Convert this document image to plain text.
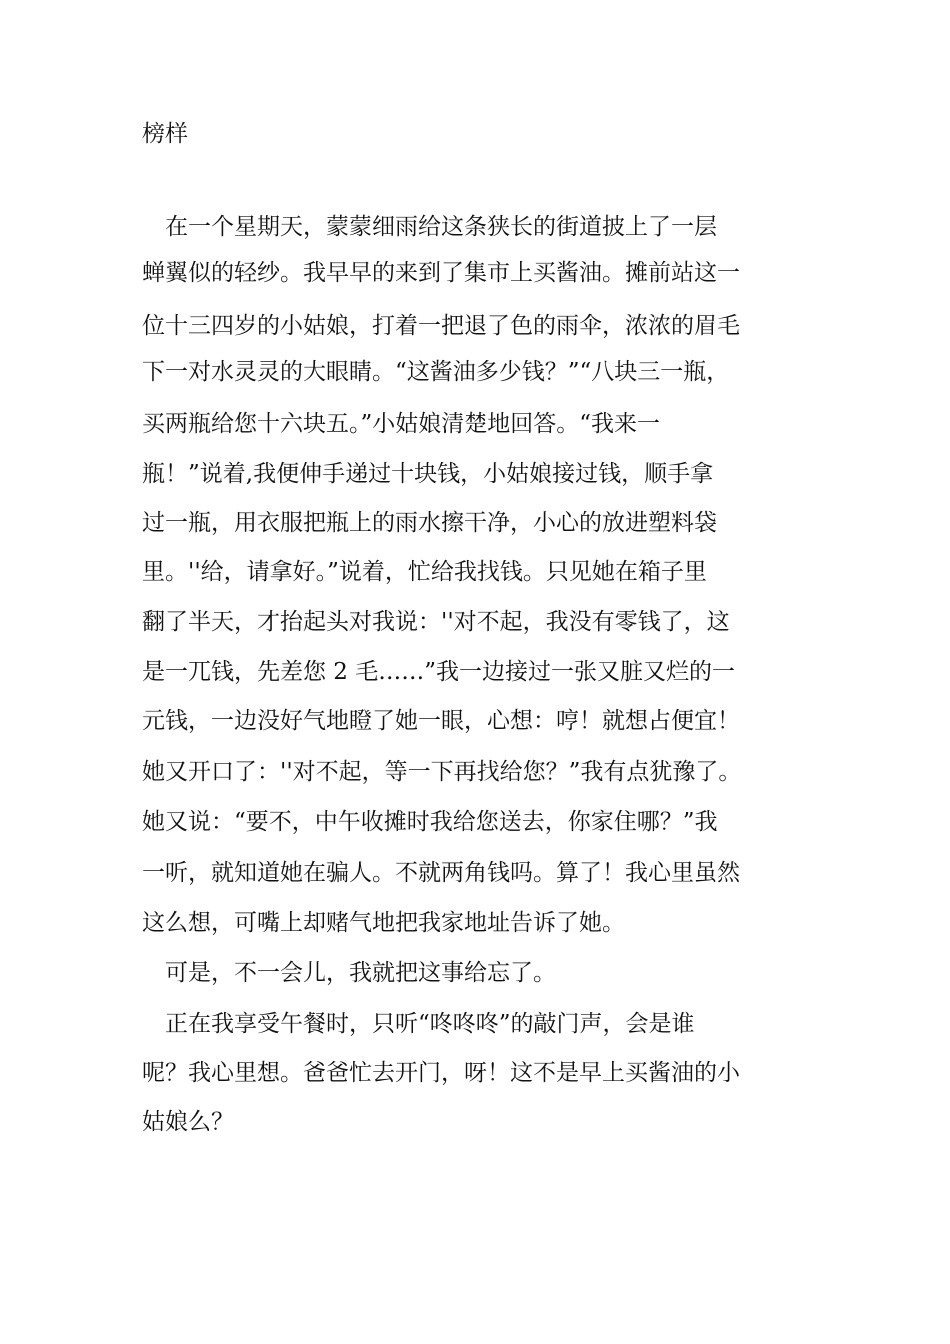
榜样

　在一个星期天，蒙蒙细雨给这条狭长的街道披上了一层

蝉翼似的轻纱。我早早的来到了集市上买酱油。摊前站这一

位十三四岁的小姑娘，打着一把退了色的雨伞，浓浓的眉毛

下一对水灵灵的大眼睛。“这酱油多少钱？”“八块三一瓶，

买两瓶给您十六块五。”小姑娘清楚地回答。“我来一

瓶！”说着,我便伸手递过十块钱，小姑娘接过钱，顺手拿

过一瓶，用衣服把瓶上的雨水擦干净，小心的放进塑料袋

里。''给，请拿好。”说着，忙给我找钱。只见她在箱子里

翻了半天，才抬起头对我说：''对不起，我没有零钱了，这

是一兀钱，先差您 2 毛……”我一边接过一张又脏又烂的一

元钱，一边没好气地瞪了她一眼，心想：哼！就想占便宜！

她又开口了：''对不起，等一下再找给您？”我有点犹豫了。

她又说：“要不，中午收摊时我给您送去，你家住哪？”我

一听，就知道她在骗人。不就两角钱吗。算了！我心里虽然

这么想，可嘴上却赌气地把我家地址告诉了她。

　可是，不一会儿，我就把这事给忘了。

　正在我享受午餐时，只听“咚咚咚”的敲门声，会是谁

呢？我心里想。爸爸忙去开门，呀！这不是早上买酱油的小

姑娘么？
